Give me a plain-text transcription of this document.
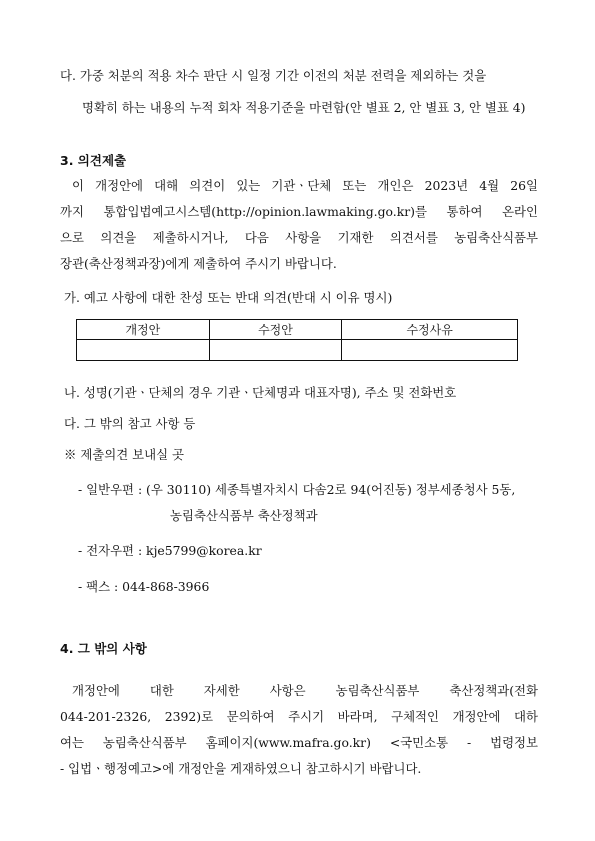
다. 가중 처분의 적용 차수 판단 시 일정 기간 이전의 처분 전력을 제외하는 것을
명확히 하는 내용의 누적 회차 적용기준을 마련함(안 별표 2, 안 별표 3, 안 별표 4)
3. 의견제출
이 개정안에 대해 의견이 있는 기관ㆍ단체 또는 개인은 2023년 4월 26일
까지 통합입법예고시스템(http://opinion.lawmaking.go.kr)를 통하여 온라인
으로 의견을 제출하시거나, 다음 사항을 기재한 의견서를 농림축산식품부
장관(축산정책과장)에게 제출하여 주시기 바랍니다.
가. 예고 사항에 대한 찬성 또는 반대 의견(반대 시 이유 명시)
개정안	수정안	수정사유

나. 성명(기관ㆍ단체의 경우 기관ㆍ단체명과 대표자명), 주소 및 전화번호
다. 그 밖의 참고 사항 등
※ 제출의견 보내실 곳
- 일반우편 : (우 30110) 세종특별자치시 다솜2로 94(어진동) 정부세종청사 5동,
농림축산식품부 축산정책과
- 전자우편 : kje5799@korea.kr
- 팩스 : 044-868-3966
4. 그 밖의 사항
개정안에 대한 자세한 사항은 농림축산식품부 축산정책과(전화
044-201-2326, 2392)로 문의하여 주시기 바라며, 구체적인 개정안에 대하
여는 농림축산식품부 홈페이지(www.mafra.go.kr) <국민소통 - 법령정보
- 입법ㆍ행정예고>에 개정안을 게재하였으니 참고하시기 바랍니다.
